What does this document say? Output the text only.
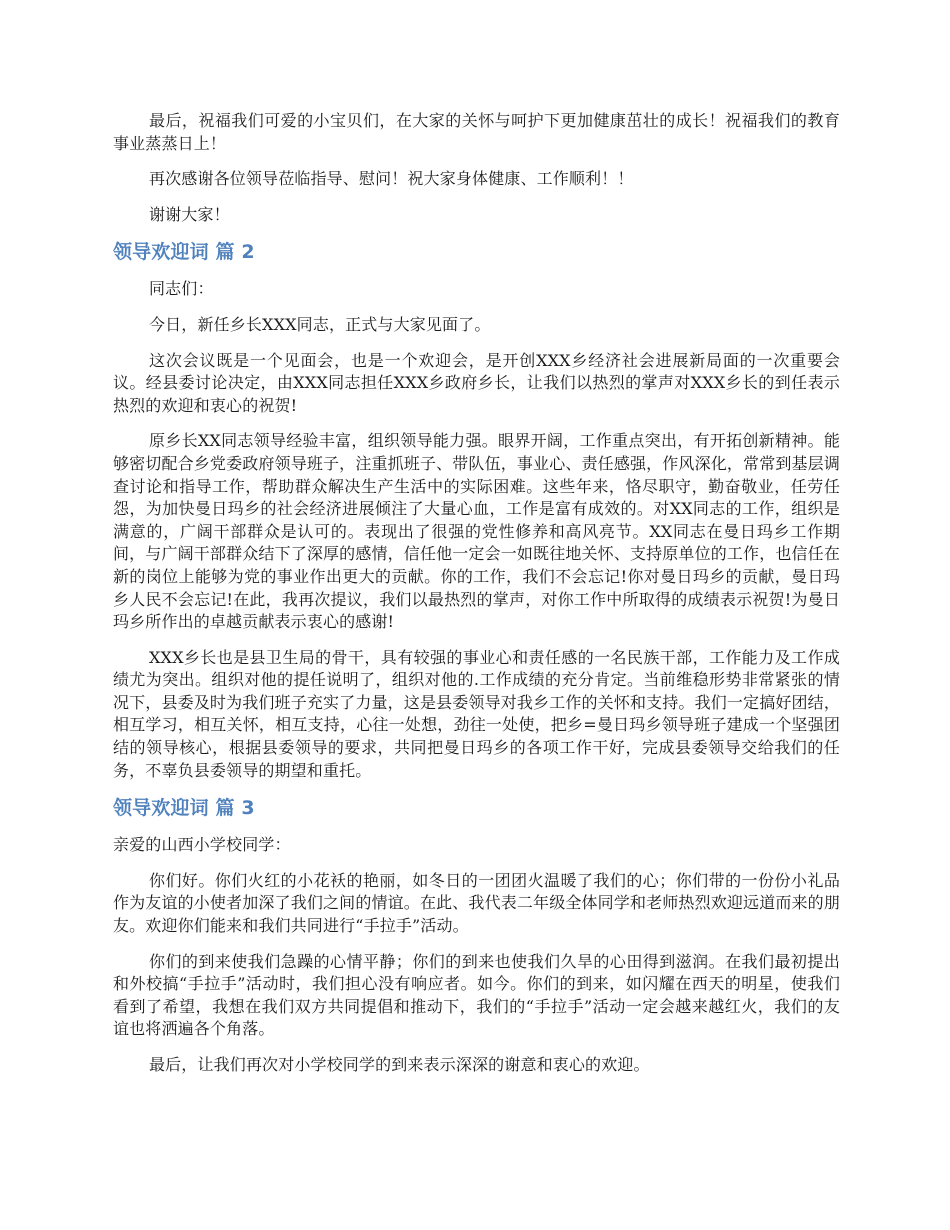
最后，祝福我们可爱的小宝贝们，在大家的关怀与呵护下更加健康茁壮的成长！祝福我们的教育事业蒸蒸日上！

再次感谢各位领导莅临指导、慰问！祝大家身体健康、工作顺利！！

谢谢大家！

领导欢迎词 篇 2

同志们：

今日，新任乡长XXX同志，正式与大家见面了。

这次会议既是一个见面会，也是一个欢迎会，是开创XXX乡经济社会进展新局面的一次重要会议。经县委讨论决定，由XXX同志担任XXX乡政府乡长，让我们以热烈的掌声对XXX乡长的到任表示热烈的欢迎和衷心的祝贺!

原乡长XX同志领导经验丰富，组织领导能力强。眼界开阔，工作重点突出，有开拓创新精神。能够密切配合乡党委政府领导班子，注重抓班子、带队伍，事业心、责任感强，作风深化，常常到基层调查讨论和指导工作，帮助群众解决生产生活中的实际困难。这些年来，恪尽职守，勤奋敬业，任劳任怨，为加快曼日玛乡的社会经济进展倾注了大量心血，工作是富有成效的。对XX同志的工作，组织是满意的，广阔干部群众是认可的。表现出了很强的党性修养和高风亮节。XX同志在曼日玛乡工作期间，与广阔干部群众结下了深厚的感情，信任他一定会一如既往地关怀、支持原单位的工作，也信任在新的岗位上能够为党的事业作出更大的贡献。你的工作，我们不会忘记!你对曼日玛乡的贡献，曼日玛乡人民不会忘记!在此，我再次提议，我们以最热烈的掌声，对你工作中所取得的成绩表示祝贺!为曼日玛乡所作出的卓越贡献表示衷心的感谢!

XXX乡长也是县卫生局的骨干，具有较强的事业心和责任感的一名民族干部，工作能力及工作成绩尤为突出。组织对他的提任说明了，组织对他的.工作成绩的充分肯定。当前维稳形势非常紧张的情况下，县委及时为我们班子充实了力量，这是县委领导对我乡工作的关怀和支持。我们一定搞好团结，相互学习，相互关怀，相互支持，心往一处想，劲往一处使，把乡=曼日玛乡领导班子建成一个坚强团结的领导核心，根据县委领导的要求，共同把曼日玛乡的各项工作干好，完成县委领导交给我们的任务，不辜负县委领导的期望和重托。

领导欢迎词 篇 3

亲爱的山西小学校同学：

你们好。你们火红的小花袄的艳丽，如冬日的一团团火温暖了我们的心；你们带的一份份小礼品作为友谊的小使者加深了我们之间的情谊。在此、我代表二年级全体同学和老师热烈欢迎远道而来的朋友。欢迎你们能来和我们共同进行“手拉手”活动。

你们的到来使我们急躁的心情平静；你们的到来也使我们久旱的心田得到滋润。在我们最初提出和外校搞“手拉手”活动时，我们担心没有响应者。如今。你们的到来，如闪耀在西天的明星，使我们看到了希望，我想在我们双方共同提倡和推动下，我们的“手拉手”活动一定会越来越红火，我们的友谊也将洒遍各个角落。

最后，让我们再次对小学校同学的到来表示深深的谢意和衷心的欢迎。
